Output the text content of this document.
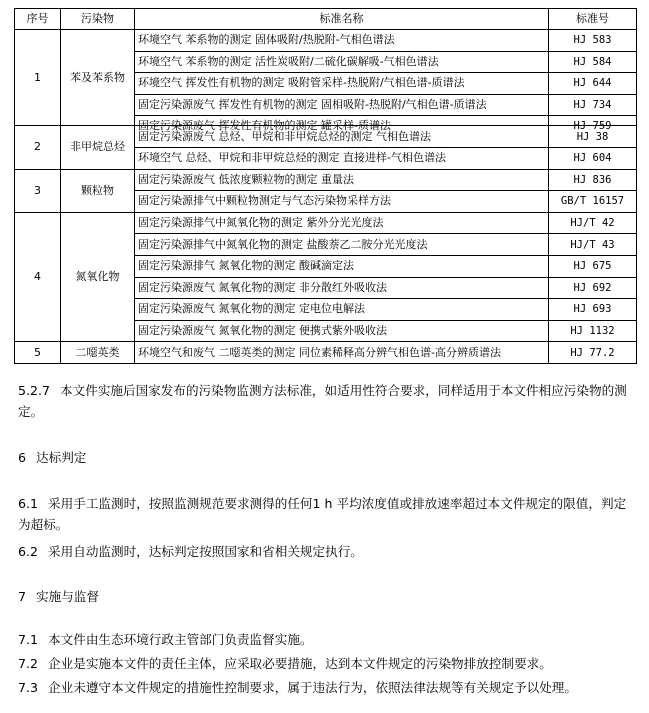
序号	污染物	标准名称	标准号
1	苯及苯系物	环境空气 苯系物的测定 固体吸附/热脱附-气相色谱法	HJ 583
		环境空气 苯系物的测定 活性炭吸附/二硫化碳解吸-气相色谱法	HJ 584
		环境空气 挥发性有机物的测定 吸附管采样-热脱附/气相色谱-质谱法	HJ 644
		固定污染源废气 挥发性有机物的测定 固相吸附-热脱附/气相色谱-质谱法	HJ 734

		固定污染源废气 挥发性有机物的测定 罐采样-质谱法	HJ 759

2	非甲烷总烃	固定污染源废气 总烃、甲烷和非甲烷总烃的测定 气相色谱法	HJ 38
		环境空气 总烃、甲烷和非甲烷总烃的测定 直接进样-气相色谱法	HJ 604
3	颗粒物	固定污染源废气 低浓度颗粒物的测定 重量法	HJ 836
		固定污染源排气中颗粒物测定与气态污染物采样方法	GB/T 16157
4	氮氧化物	固定污染源排气中氮氧化物的测定 紫外分光光度法	HJ/T 42
		固定污染源排气中氮氧化物的测定 盐酸萘乙二胺分光光度法	HJ/T 43
		固定污染源排气 氮氧化物的测定 酸碱滴定法	HJ 675
		固定污染源废气 氮氧化物的测定 非分散红外吸收法	HJ 692
		固定污染源废气 氮氧化物的测定 定电位电解法	HJ 693
		固定污染源废气 氮氧化物的测定 便携式紫外吸收法	HJ 1132
5	二噁英类	环境空气和废气 二噁英类的测定 同位素稀释高分辨气相色谱-高分辨质谱法	HJ 77.2
5.2.7 本文件实施后国家发布的污染物监测方法标准，如适用性符合要求，同样适用于本文件相应污染物的测定。
6 达标判定
6.1 采用手工监测时，按照监测规范要求测得的任何1 h 平均浓度值或排放速率超过本文件规定的限值，判定为超标。
6.2 采用自动监测时，达标判定按照国家和省相关规定执行。
7 实施与监督
7.1 本文件由生态环境行政主管部门负责监督实施。
7.2 企业是实施本文件的责任主体，应采取必要措施，达到本文件规定的污染物排放控制要求。
7.3 企业未遵守本文件规定的措施性控制要求，属于违法行为，依照法律法规等有关规定予以处理。
